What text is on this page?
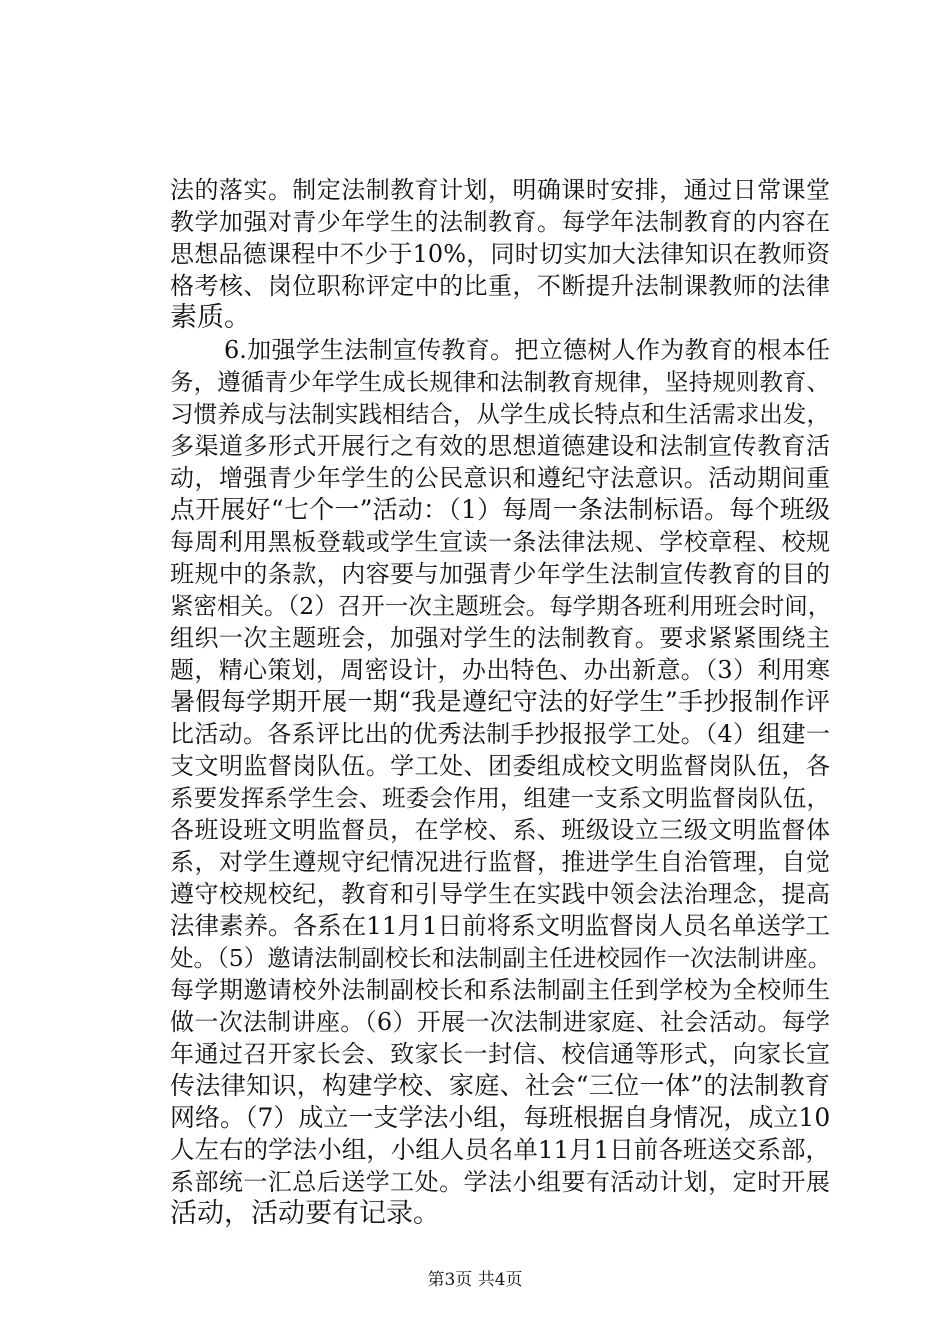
法的落实。制定法制教育计划，明确课时安排，通过日常课堂
教学加强对青少年学生的法制教育。每学年法制教育的内容在
思想品德课程中不少于10%，同时切实加大法律知识在教师资
格考核、岗位职称评定中的比重，不断提升法制课教师的法律
素质。
6.加强学生法制宣传教育。把立德树人作为教育的根本任
务，遵循青少年学生成长规律和法制教育规律，坚持规则教育、
习惯养成与法制实践相结合，从学生成长特点和生活需求出发，
多渠道多形式开展行之有效的思想道德建设和法制宣传教育活
动，增强青少年学生的公民意识和遵纪守法意识。活动期间重
点开展好“七个一”活动：（1）每周一条法制标语。每个班级
每周利用黑板登载或学生宣读一条法律法规、学校章程、校规
班规中的条款，内容要与加强青少年学生法制宣传教育的目的
紧密相关。（2）召开一次主题班会。每学期各班利用班会时间，
组织一次主题班会，加强对学生的法制教育。要求紧紧围绕主
题，精心策划，周密设计，办出特色、办出新意。（3）利用寒
暑假每学期开展一期“我是遵纪守法的好学生”手抄报制作评
比活动。各系评比出的优秀法制手抄报报学工处。（4）组建一
支文明监督岗队伍。学工处、团委组成校文明监督岗队伍，各
系要发挥系学生会、班委会作用，组建一支系文明监督岗队伍，
各班设班文明监督员，在学校、系、班级设立三级文明监督体
系，对学生遵规守纪情况进行监督，推进学生自治管理，自觉
遵守校规校纪，教育和引导学生在实践中领会法治理念，提高
法律素养。各系在11月1日前将系文明监督岗人员名单送学工
处。（5）邀请法制副校长和法制副主任进校园作一次法制讲座。
每学期邀请校外法制副校长和系法制副主任到学校为全校师生
做一次法制讲座。（6）开展一次法制进家庭、社会活动。每学
年通过召开家长会、致家长一封信、校信通等形式，向家长宣
传法律知识，构建学校、家庭、社会“三位一体”的法制教育
网络。（7）成立一支学法小组，每班根据自身情况，成立10
人左右的学法小组，小组人员名单11月1日前各班送交系部，
系部统一汇总后送学工处。学法小组要有活动计划，定时开展
活动，活动要有记录。
第3页 共4页
